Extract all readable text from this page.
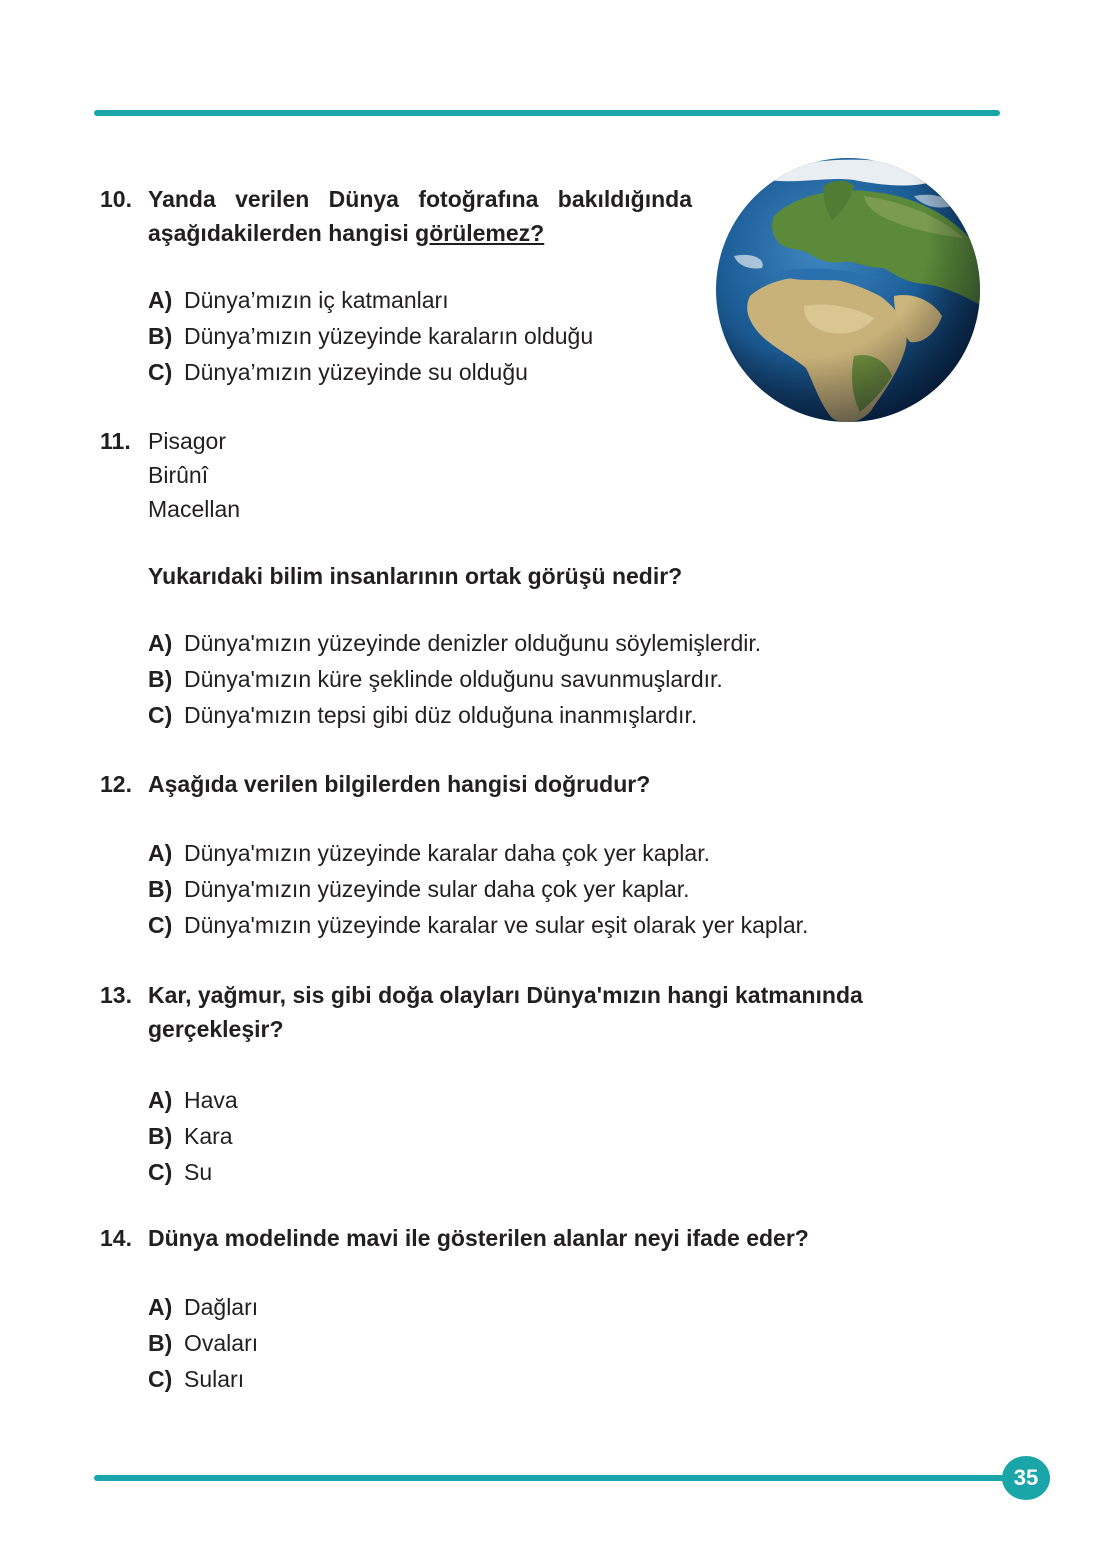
10. Yanda verilen Dünya fotoğrafına bakıldığında
aşağıdakilerden hangisi görülemez?
A) Dünya’mızın iç katmanları
B) Dünya’mızın yüzeyinde karaların olduğu
C) Dünya’mızın yüzeyinde su olduğu
11. Pisagor
Birûnî
Macellan
Yukarıdaki bilim insanlarının ortak görüşü nedir?
A) Dünya'mızın yüzeyinde denizler olduğunu söylemişlerdir.
B) Dünya'mızın küre şeklinde olduğunu savunmuşlardır.
C) Dünya'mızın tepsi gibi düz olduğuna inanmışlardır.
12. Aşağıda verilen bilgilerden hangisi doğrudur?
A) Dünya'mızın yüzeyinde karalar daha çok yer kaplar.
B) Dünya'mızın yüzeyinde sular daha çok yer kaplar.
C) Dünya'mızın yüzeyinde karalar ve sular eşit olarak yer kaplar.
13. Kar, yağmur, sis gibi doğa olayları Dünya'mızın hangi katmanında
gerçekleşir?
A) Hava
B) Kara
C) Su
14. Dünya modelinde mavi ile gösterilen alanlar neyi ifade eder?
A) Dağları
B) Ovaları
C) Suları
35
